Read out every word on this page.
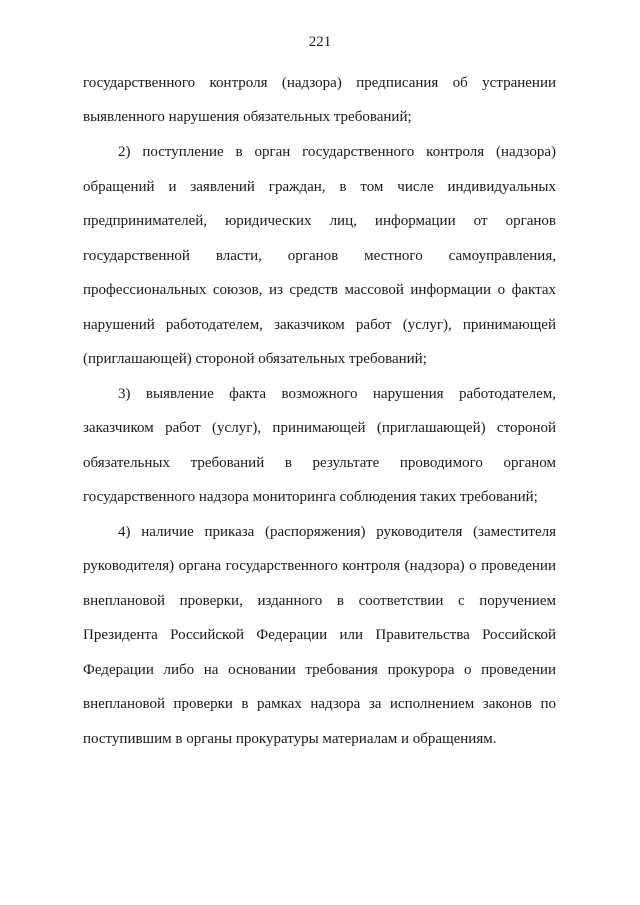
221
государственного контроля (надзора) предписания об устранении
выявленного нарушения обязательных требований;
2) поступление в орган государственного контроля (надзора)
обращений и заявлений граждан, в том числе индивидуальных
предпринимателей, юридических лиц, информации от органов
государственной власти, органов местного самоуправления,
профессиональных союзов, из средств массовой информации о фактах
нарушений работодателем, заказчиком работ (услуг), принимающей
(приглашающей) стороной обязательных требований;
3) выявление факта возможного нарушения работодателем,
заказчиком работ (услуг), принимающей (приглашающей) стороной
обязательных требований в результате проводимого органом
государственного надзора мониторинга соблюдения таких требований;
4) наличие приказа (распоряжения) руководителя (заместителя
руководителя) органа государственного контроля (надзора) о проведении
внеплановой проверки, изданного в соответствии с поручением
Президента Российской Федерации или Правительства Российской
Федерации либо на основании требования прокурора о проведении
внеплановой проверки в рамках надзора за исполнением законов по
поступившим в органы прокуратуры материалам и обращениям.
